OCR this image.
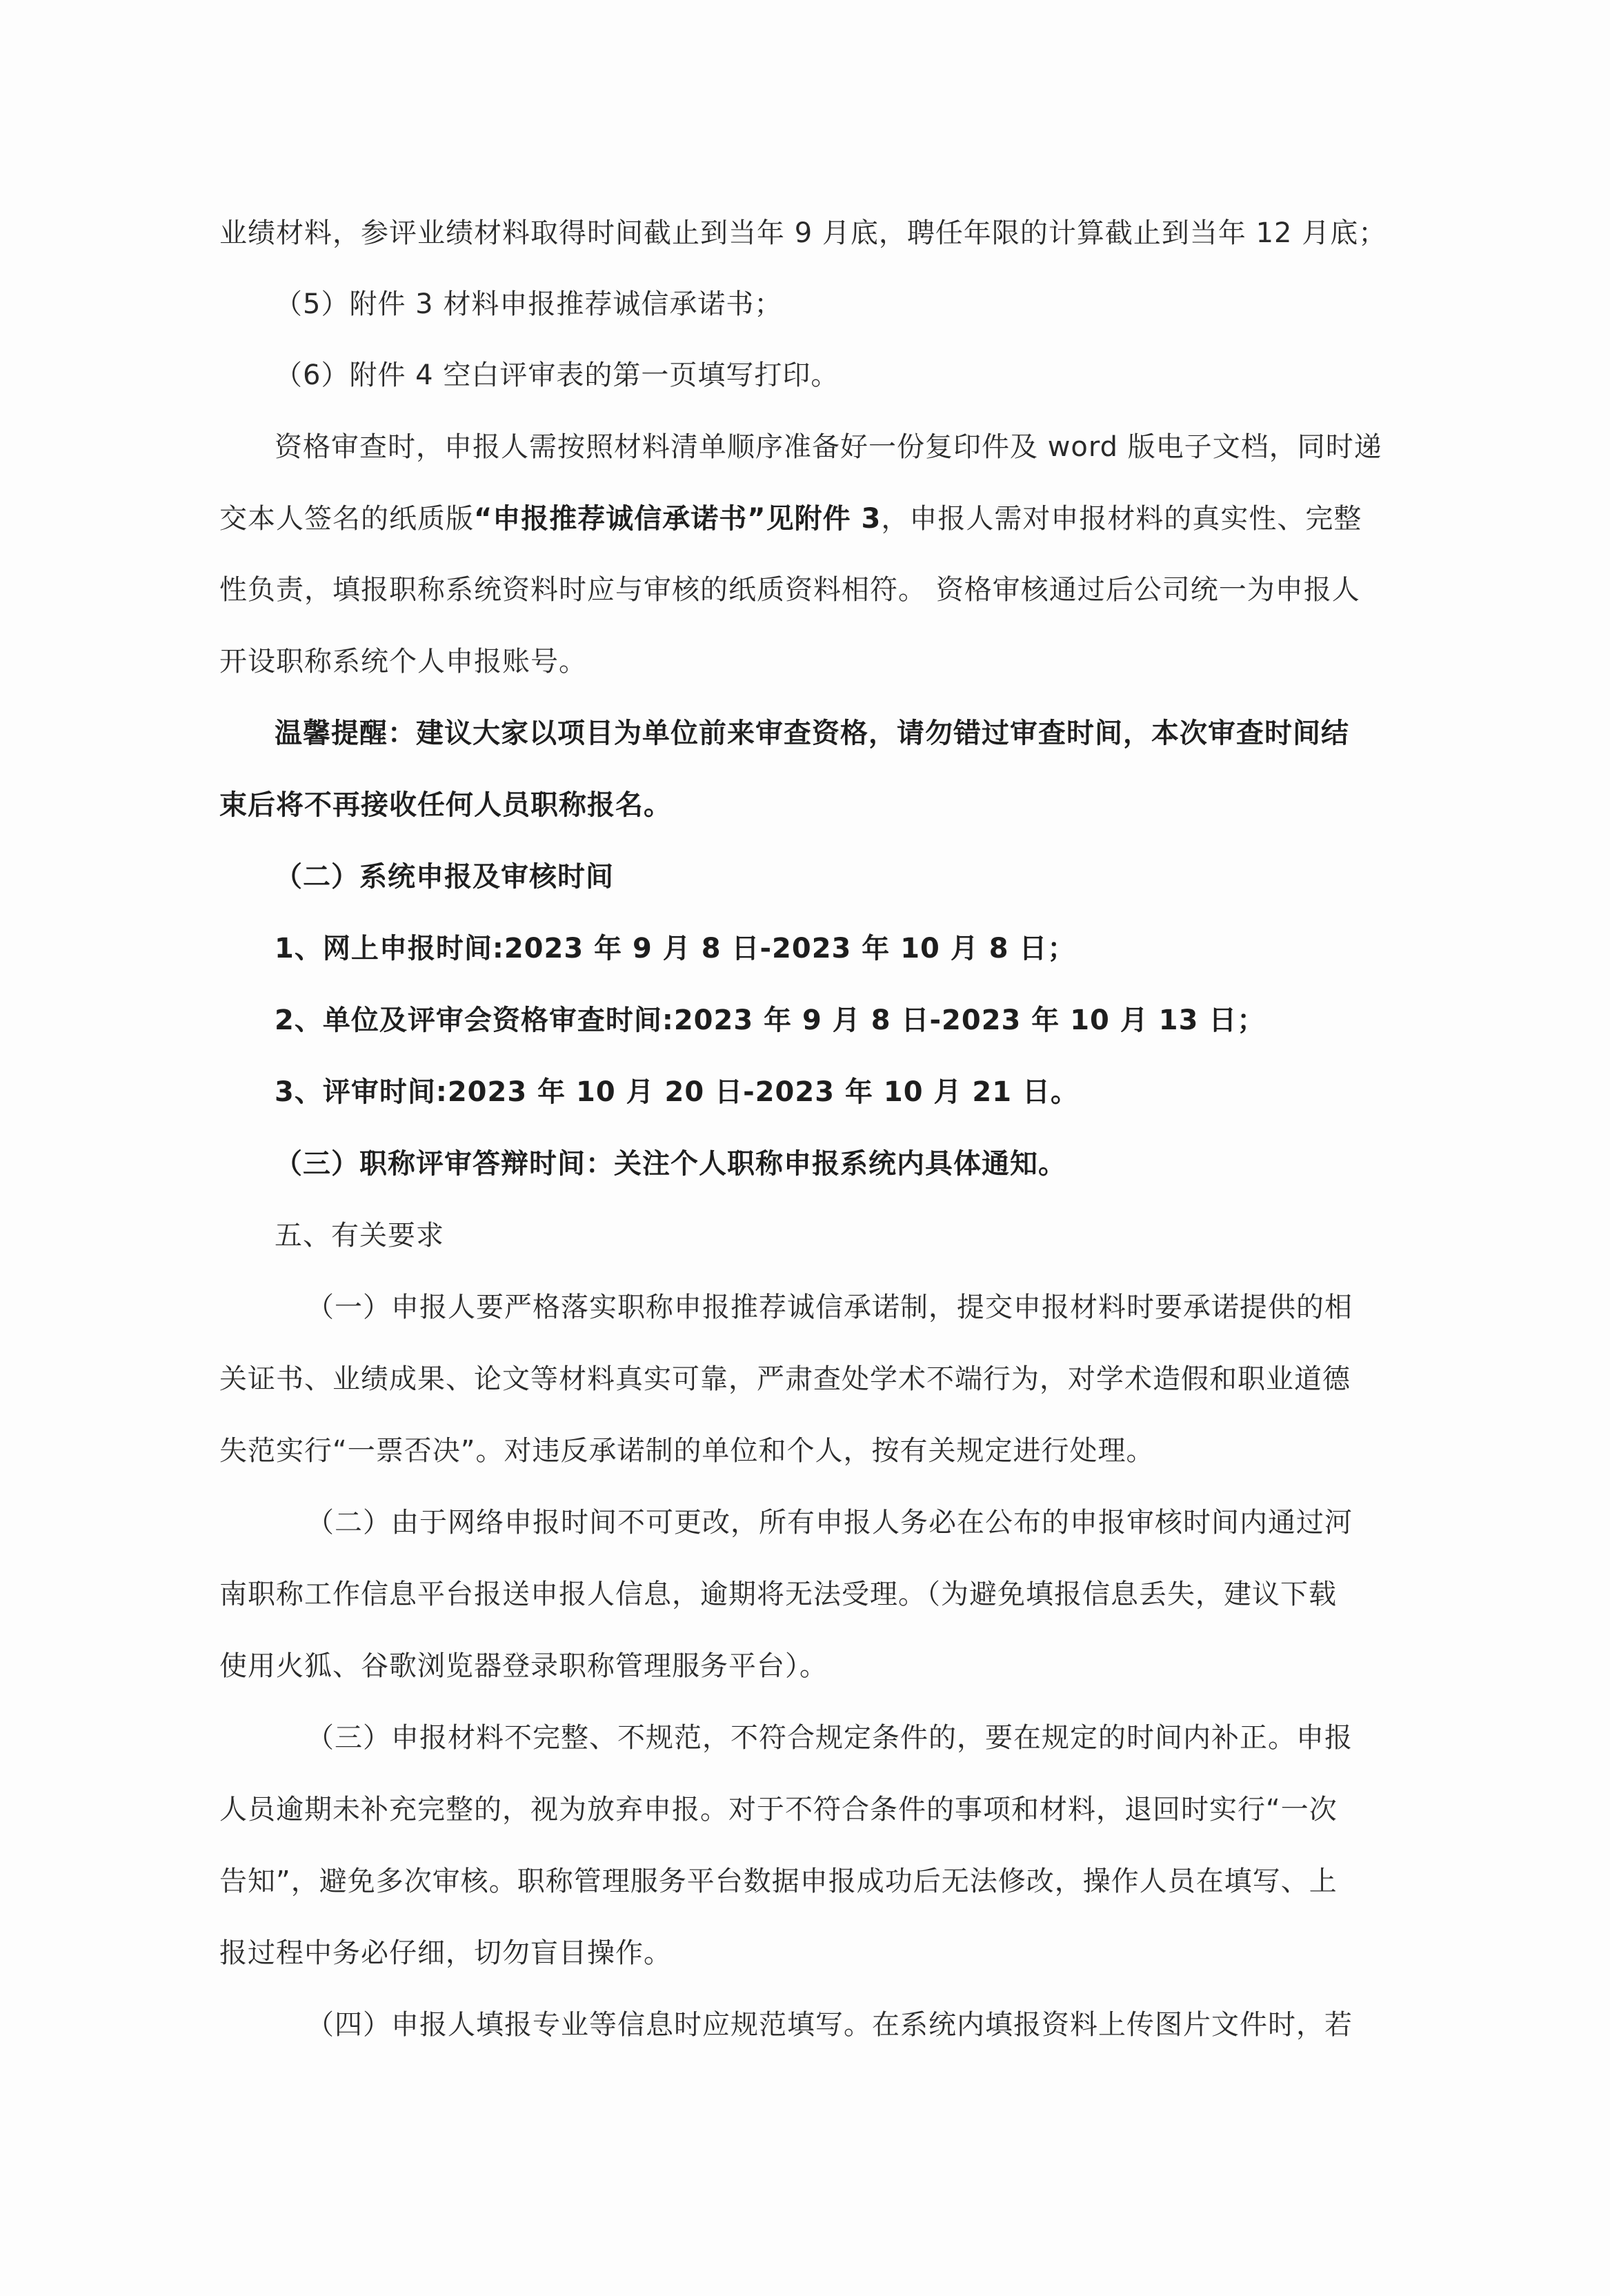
业绩材料，参评业绩材料取得时间截止到当年 9 月底，聘任年限的计算截止到当年 12 月底；
（5）附件 3 材料申报推荐诚信承诺书；
（6）附件 4 空白评审表的第一页填写打印。
资格审查时，申报人需按照材料清单顺序准备好一份复印件及 word 版电子文档，同时递
交本人签名的纸质版“申报推荐诚信承诺书”见附件 3，申报人需对申报材料的真实性、完整
性负责，填报职称系统资料时应与审核的纸质资料相符。 资格审核通过后公司统一为申报人
开设职称系统个人申报账号。
温馨提醒：建议大家以项目为单位前来审查资格，请勿错过审查时间，本次审查时间结
束后将不再接收任何人员职称报名。
（二）系统申报及审核时间
1、网上申报时间:2023 年 9 月 8 日-2023 年 10 月 8 日；
2、单位及评审会资格审查时间:2023 年 9 月 8 日-2023 年 10 月 13 日；
3、评审时间:2023 年 10 月 20 日-2023 年 10 月 21 日。
（三）职称评审答辩时间：关注个人职称申报系统内具体通知。
五、有关要求
（一）申报人要严格落实职称申报推荐诚信承诺制，提交申报材料时要承诺提供的相
关证书、业绩成果、论文等材料真实可靠，严肃查处学术不端行为，对学术造假和职业道德
失范实行“一票否决”。对违反承诺制的单位和个人，按有关规定进行处理。
（二）由于网络申报时间不可更改，所有申报人务必在公布的申报审核时间内通过河
南职称工作信息平台报送申报人信息，逾期将无法受理。（为避免填报信息丢失，建议下载
使用火狐、谷歌浏览器登录职称管理服务平台）。
（三）申报材料不完整、不规范，不符合规定条件的，要在规定的时间内补正。申报
人员逾期未补充完整的，视为放弃申报。对于不符合条件的事项和材料，退回时实行“一次
告知”，避免多次审核。职称管理服务平台数据申报成功后无法修改，操作人员在填写、上
报过程中务必仔细，切勿盲目操作。
（四）申报人填报专业等信息时应规范填写。在系统内填报资料上传图片文件时，若
